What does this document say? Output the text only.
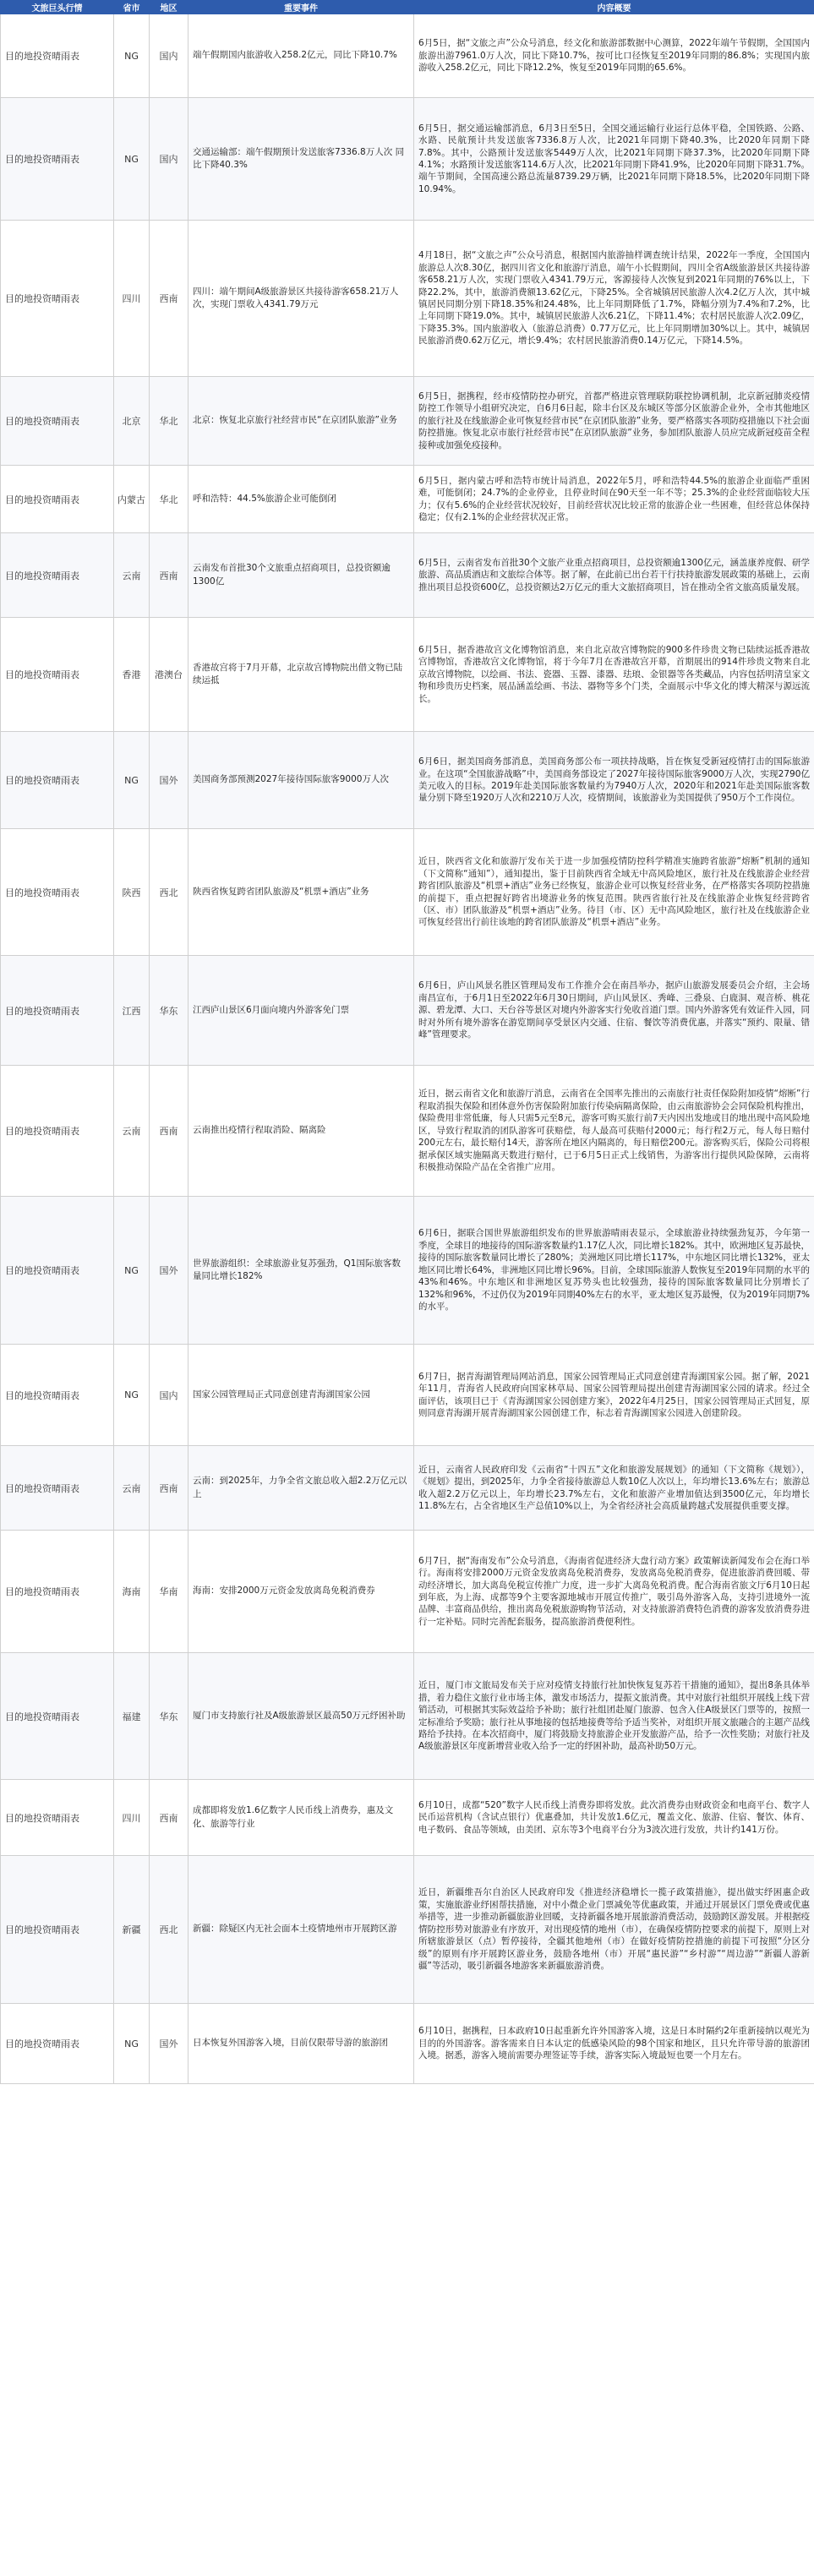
文旅巨头行情	省市	地区	重要事件	内容概要
目的地投资晴雨表	NG	国内	端午假期国内旅游收入258.2亿元，同比下降10.7%	6月5日，据“文旅之声”公众号消息，经文化和旅游部数据中心测算，2022年端午节假期，全国国内旅游出游7961.0万人次，同比下降10.7%，按可比口径恢复至2019年同期的86.8%；实现国内旅游收入258.2亿元，同比下降12.2%，恢复至2019年同期的65.6%。
目的地投资晴雨表	NG	国内	交通运输部：端午假期预计发送旅客7336.8万人次 同比下降40.3%	6月5日，据交通运输部消息，6月3日至5日，全国交通运输行业运行总体平稳，全国铁路、公路、水路、民航预计共发送旅客7336.8万人次，比2021年同期下降40.3%，比2020年同期下降7.8%。其中，公路预计发送旅客5449万人次，比2021年同期下降37.3%，比2020年同期下降4.1%；水路预计发送旅客114.6万人次，比2021年同期下降41.9%，比2020年同期下降31.7%。端午节期间，全国高速公路总流量8739.29万辆，比2021年同期下降18.5%，比2020年同期下降10.94%。
目的地投资晴雨表	四川	西南	四川：端午期间A级旅游景区共接待游客658.21万人次，实现门票收入4341.79万元	4月18日，据“文旅之声”公众号消息，根据国内旅游抽样调查统计结果，2022年一季度，全国国内旅游总人次8.30亿，据四川省文化和旅游厅消息，端午小长假期间，四川全省A级旅游景区共接待游客658.21万人次，实现门票收入4341.79万元，客源接待人次恢复到2021年同期的76%以上，下降22.2%，其中，旅游消费额13.62亿元，下降25%。全省城镇居民旅游人次4.2亿万人次，其中城镇居民同期分别下降18.35%和24.48%，比上年同期降低了1.7%，降幅分别为7.4%和7.2%，比上年同期下降19.0%。其中，城镇居民旅游人次6.21亿，下降11.4%；农村居民旅游人次2.09亿，下降35.3%。国内旅游收入（旅游总消费）0.77万亿元，比上年同期增加30%以上。其中，城镇居民旅游消费0.62万亿元，增长9.4%；农村居民旅游消费0.14万亿元，下降14.5%。
目的地投资晴雨表	北京	华北	北京：恢复北京旅行社经营市民“在京团队旅游”业务	6月5日，据携程，经市疫情防控办研究，首都严格进京管理联防联控协调机制，北京新冠肺炎疫情防控工作领导小组研究决定，自6月6日起，除丰台区及东城区等部分区旅游企业外，全市其他地区的旅行社及在线旅游企业可恢复经营市民“在京团队旅游”业务，要严格落实各项防疫措施以下社会面防控措施。恢复北京市旅行社经营市民“在京团队旅游”业务，参加团队旅游人员应完成新冠疫苗全程接种或加强免疫接种。
目的地投资晴雨表	内蒙古	华北	呼和浩特：44.5%旅游企业可能倒闭	6月5日，据内蒙古呼和浩特市统计局消息，2022年5月，呼和浩特44.5%的旅游企业面临严重困难，可能倒闭；24.7%的企业停业，且停业时间在90天至一年不等；25.3%的企业经营面临较大压力；仅有5.6%的企业经营状况较好，目前经营状况比较正常的旅游企业一些困难，但经营总体保持稳定；仅有2.1%的企业经营状况正常。
目的地投资晴雨表	云南	西南	云南发布首批30个文旅重点招商项目，总投资额逾1300亿	6月5日，云南省发布首批30个文旅产业重点招商项目，总投资额逾1300亿元，涵盖康养度假、研学旅游、高品质酒店和文旅综合体等。据了解，在此前已出台若干行扶持旅游发展政策的基础上，云南推出项目总投资600亿，总投资额达2万亿元的重大文旅招商项目，旨在推动全省文旅高质量发展。
目的地投资晴雨表	香港	港澳台	香港故宫将于7月开幕，北京故宫博物院出借文物已陆续运抵	6月5日，据香港故宫文化博物馆消息，来自北京故宫博物院的900多件珍贵文物已陆续运抵香港故宫博物馆，香港故宫文化博物馆，将于今年7月在香港故宫开幕，首期展出的914件珍贵文物来自北京故宫博物院，以绘画、书法、瓷器、玉器、漆器、珐琅、金银器等各类藏品，内容包括明清皇家文物和珍贵历史档案，展品涵盖绘画、书法、器物等多个门类，全面展示中华文化的博大精深与源远流长。
目的地投资晴雨表	NG	国外	美国商务部预测2027年接待国际旅客9000万人次	6月6日，据美国商务部消息，美国商务部公布一项扶持战略，旨在恢复受新冠疫情打击的国际旅游业。在这项“全国旅游战略”中，美国商务部设定了2027年接待国际旅客9000万人次，实现2790亿美元收入的目标。2019年赴美国际旅客数量约为7940万人次，2020年和2021年赴美国际旅客数量分别下降至1920万人次和2210万人次，疫情期间，该旅游业为美国提供了950万个工作岗位。
目的地投资晴雨表	陕西	西北	陕西省恢复跨省团队旅游及“机票+酒店”业务	近日，陕西省文化和旅游厅发布关于进一步加强疫情防控科学精准实施跨省旅游“熔断”机制的通知（下文简称“通知”），通知提出，鉴于目前陕西省全域无中高风险地区，旅行社及在线旅游企业经营跨省团队旅游及“机票+酒店”业务已经恢复，旅游企业可以恢复经营业务，在严格落实各项防控措施的前提下，重点把握好跨省出境游业务的恢复范围。陕西省旅行社及在线旅游企业恢复经营跨省（区、市）团队旅游及“机票+酒店”业务。待目（市、区）无中高风险地区，旅行社及在线旅游企业可恢复经营出行前往该地的跨省团队旅游及“机票+酒店”业务。
目的地投资晴雨表	江西	华东	江西庐山景区6月面向境内外游客免门票	6月6日，庐山风景名胜区管理局发布工作推介会在南昌举办，据庐山旅游发展委员会介绍，主会场南昌宣布，于6月1日至2022年6月30日期间，庐山风景区、秀峰、三叠泉、白鹿洞、观音桥、桃花源、碧龙潭、大口、天台谷等景区对境内外游客实行免收首道门票。国内外游客凭有效证件入园，同时对外所有境外游客在游览期间享受景区内交通、住宿、餐饮等消费优惠，并落实“预约、限量、错峰”管理要求。
目的地投资晴雨表	云南	西南	云南推出疫情行程取消险、隔离险	近日，据云南省文化和旅游厅消息，云南省在全国率先推出的云南旅行社责任保险附加疫情“熔断”行程取消损失保险和团体意外伤害保险附加旅行传染病隔离保险，由云南旅游协会会同保险机构推出，保险费用非常低廉，每人只需5元至8元，游客可购买旅行前7天内因出发地或目的地出现中高风险地区，导致行程取消的团队游客可获赔偿，每人最高可获赔付2000元；每行程2万元，每人每日赔付200元左右，最长赔付14天，游客所在地区内隔离的，每日赔偿200元。游客购买后，保险公司将根据承保区域实施隔离天数进行赔付，已于6月5日正式上线销售，为游客出行提供风险保障，云南将积极推动保险产品在全省推广应用。
目的地投资晴雨表	NG	国外	世界旅游组织：全球旅游业复苏强劲，Q1国际旅客数量同比增长182%	6月6日，据联合国世界旅游组织发布的世界旅游晴雨表显示，全球旅游业持续强劲复苏，今年第一季度，全球目的地接待的国际游客数量约1.17亿人次，同比增长182%。其中，欧洲地区复苏最快，接待的国际旅客数量同比增长了280%；美洲地区同比增长117%，中东地区同比增长132%，亚太地区同比增长64%，非洲地区同比增长96%。目前，全球国际旅游人数恢复至2019年同期的水平的43%和46%。中东地区和非洲地区复苏势头也比较强劲，接待的国际旅客数量同比分别增长了132%和96%，不过仍仅为2019年同期40%左右的水平，亚太地区复苏最慢，仅为2019年同期7%的水平。
目的地投资晴雨表	NG	国内	国家公园管理局正式同意创建青海湖国家公园	6月7日，据青海湖管理局网站消息，国家公园管理局正式同意创建青海湖国家公园。据了解，2021年11月，青海省人民政府向国家林草局、国家公园管理局提出创建青海湖国家公园的请求。经过全面评估，该项目已于《青海湖国家公园创建方案》，2022年4月25日，国家公园管理局正式回复，原则同意青海湖开展青海湖国家公园创建工作，标志着青海湖国家公园进入创建阶段。
目的地投资晴雨表	云南	西南	云南：到2025年，力争全省文旅总收入超2.2万亿元以上	近日，云南省人民政府印发《云南省“十四五”文化和旅游发展规划》的通知（下文简称《规划》），《规划》提出，到2025年，力争全省接待旅游总人数10亿人次以上，年均增长13.6%左右；旅游总收入超2.2万亿元以上，年均增长23.7%左右，文化和旅游产业增加值达到3500亿元，年均增长11.8%左右，占全省地区生产总值10%以上，为全省经济社会高质量跨越式发展提供重要支撑。
目的地投资晴雨表	海南	华南	海南：安排2000万元资金发放离岛免税消费券	6月7日，据“海南发布”公众号消息，《海南省促进经济大盘行动方案》政策解读新闻发布会在海口举行。海南将安排2000万元资金发放离岛免税消费券，发放离岛免税消费券，促进旅游消费回暖、带动经济增长，加大离岛免税宣传推广力度，进一步扩大离岛免税消费。配合海南省旅文厅6月10日起到年底，为上海、成都等9个主要客源地城市开展宣传推广，吸引岛外游客入岛，支持引进境外一流品牌、丰富商品供给，推出离岛免税旅游购物节活动，对支持旅游消费特色消费的游客发放消费券进行一定补贴。同时完善配套服务，提高旅游消费便利性。
目的地投资晴雨表	福建	华东	厦门市支持旅行社及A级旅游景区最高50万元纾困补助	近日，厦门市文旅局发布关于应对疫情支持旅行社加快恢复复苏若干措施的通知》，提出8条具体举措，着力稳住文旅行业市场主体，激发市场活力，提振文旅消费。其中对旅行社组织开展线上线下营销活动，可根据其实际效益给予补助；旅行社组团赴厦门旅游、包含入住A级景区门票等的，按照一定标准给予奖励；旅行社从事地接的包括地接费等给予适当奖补，对组织开展文旅融合的主题产品线路给予扶持。在本次招商中，厦门将鼓励支持旅游企业开发旅游产品，给予一次性奖励；对旅行社及A级旅游景区年度新增营业收入给予一定的纾困补助，最高补助50万元。
目的地投资晴雨表	四川	西南	成都即将发放1.6亿数字人民币线上消费券，惠及文化、旅游等行业	6月10日，成都“520”数字人民币线上消费券即将发放。此次消费券由财政资金和电商平台、数字人民币运营机构（含试点银行）优惠叠加，共计发放1.6亿元，覆盖文化、旅游、住宿、餐饮、体育、电子数码、食品等领域，由美团、京东等3个电商平台分为3波次进行发放，共计约141万份。
目的地投资晴雨表	新疆	西北	新疆：除疑区内无社会面本土疫情地州市开展跨区游	近日，新疆维吾尔自治区人民政府印发《推进经济稳增长一揽子政策措施》，提出做实纾困惠企政策，实施旅游业纾困帮扶措施，对中小微企业门票减免等优惠政策，并通过开展景区门票免费或优惠举措等，进一步推动新疆旅游业回暖，支持新疆各地开展旅游消费活动，鼓励跨区游发展。并根据疫情防控形势对旅游业有序放开，对出现疫情的地州（市），在确保疫情防控要求的前提下，原则上对所辖旅游景区（点）暂停接待，全疆其他地州（市）在做好疫情防控措施的前提下可按照“分区分级”的原则有序开展跨区游业务，鼓励各地州（市）开展“惠民游”“乡村游”“周边游”“新疆人游新疆”等活动，吸引新疆各地游客来新疆旅游消费。
目的地投资晴雨表	NG	国外	日本恢复外国游客入境，目前仅限带导游的旅游团	6月10日，据携程，日本政府10日起重新允许外国游客入境，这是日本时隔约2年重新接纳以观光为目的的外国游客。游客需来自日本认定的低感染风险的98个国家和地区，且只允许带导游的旅游团入境。据悉，游客入境前需要办理签证等手续，游客实际入境最短也要一个月左右。
